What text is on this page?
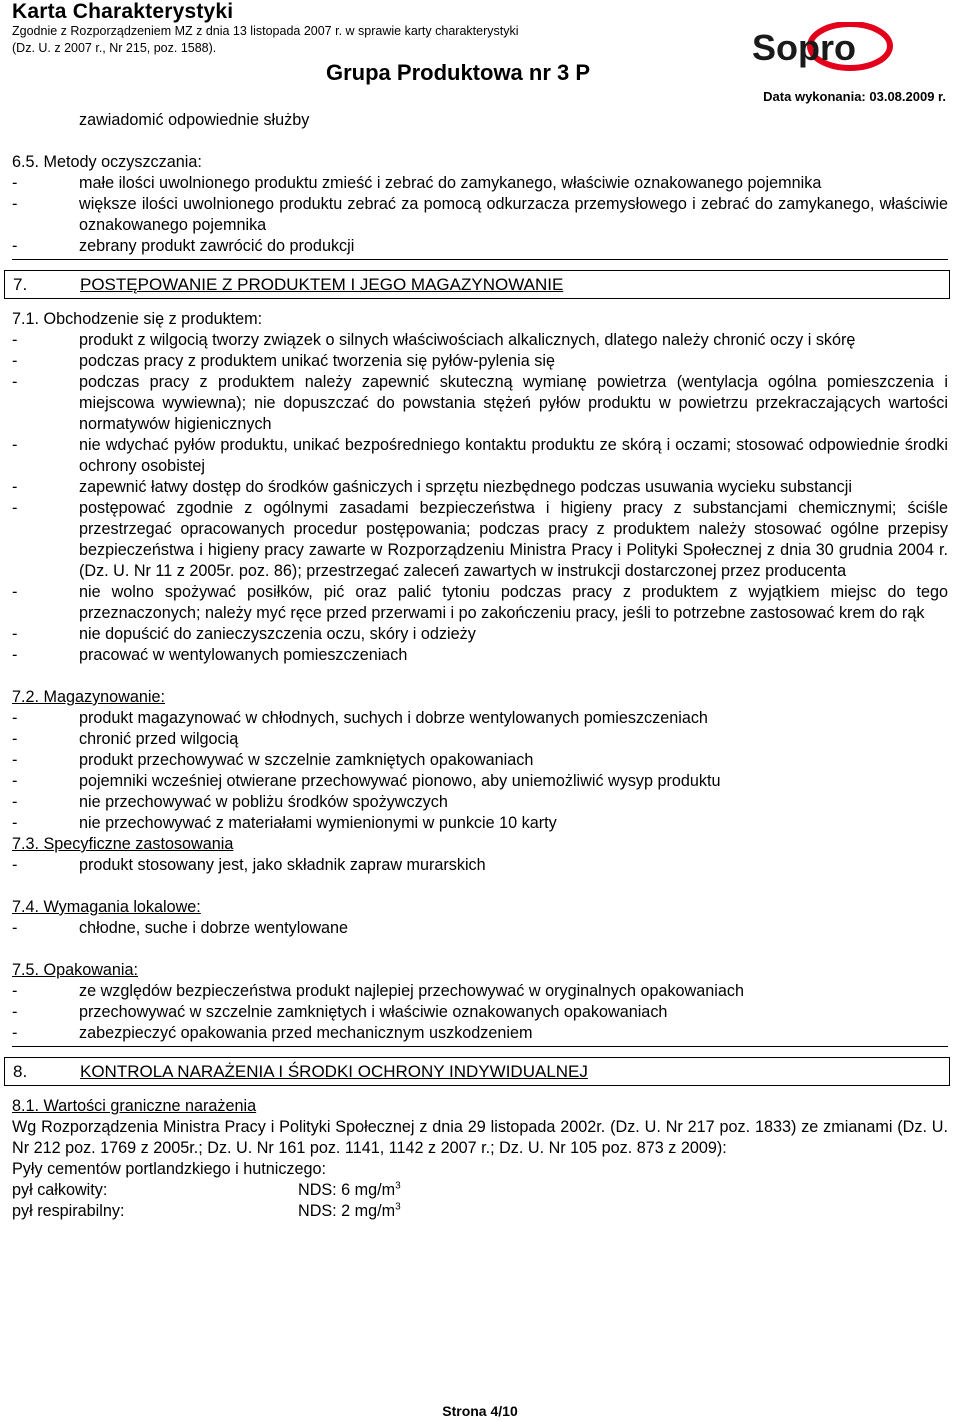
Karta Charakterystyki
Zgodnie z Rozporządzeniem MZ z dnia 13 listopada 2007 r. w sprawie karty charakterystyki
(Dz. U. z 2007 r., Nr 215, poz. 1588).
Grupa Produktowa nr 3 P
Data wykonania: 03.08.2009 r.
Sopro

zawiadomić odpowiednie służby

6.5. Metody oczyszczania:

-	małe ilości uwolnionego produktu zmieść i zebrać do zamykanego, właściwie oznakowanego pojemnika
-	większe ilości uwolnionego produktu zebrać za pomocą odkurzacza przemysłowego i zebrać do zamykanego, właściwie oznakowanego pojemnika
-	zebrany produkt zawrócić do produkcji
7.	POSTĘPOWANIE Z PRODUKTEM I JEGO MAGAZYNOWANIE

7.1. Obchodzenie się z produktem:

-	produkt z wilgocią tworzy związek o silnych właściwościach alkalicznych, dlatego należy chronić oczy i skórę
-	podczas pracy z produktem unikać tworzenia się pyłów-pylenia się
-	podczas pracy z produktem należy zapewnić skuteczną wymianę powietrza (wentylacja ogólna pomieszczenia i miejscowa wywiewna); nie dopuszczać do powstania stężeń pyłów produktu w powietrzu przekraczających wartości normatywów higienicznych
-	nie wdychać pyłów produktu, unikać bezpośredniego kontaktu produktu ze skórą i oczami; stosować odpowiednie środki ochrony osobistej
-	zapewnić łatwy dostęp do środków gaśniczych i sprzętu niezbędnego podczas usuwania wycieku substancji
-	postępować zgodnie z ogólnymi zasadami bezpieczeństwa i higieny pracy z substancjami chemicznymi; ściśle przestrzegać opracowanych procedur postępowania; podczas pracy z produktem należy stosować ogólne przepisy bezpieczeństwa i higieny pracy zawarte w Rozporządzeniu Ministra Pracy i Polityki Społecznej z dnia 30 grudnia 2004 r. (Dz. U. Nr 11 z 2005r. poz. 86); przestrzegać zaleceń zawartych w instrukcji dostarczonej przez producenta
-	nie wolno spożywać posiłków, pić oraz palić tytoniu podczas pracy z produktem z wyjątkiem miejsc do tego przeznaczonych; należy myć ręce przed przerwami i po zakończeniu pracy, jeśli to potrzebne zastosować krem do rąk
-	nie dopuścić do zanieczyszczenia oczu, skóry i odzieży
-	pracować w wentylowanych pomieszczeniach

7.2. Magazynowanie:

-	produkt magazynować w chłodnych, suchych i dobrze wentylowanych pomieszczeniach
-	chronić przed wilgocią
-	produkt przechowywać w szczelnie zamkniętych opakowaniach
-	pojemniki wcześniej otwierane przechowywać pionowo, aby uniemożliwić wysyp produktu
-	nie przechowywać w pobliżu środków spożywczych
-	nie przechowywać z materiałami wymienionymi w punkcie 10 karty

7.3. Specyficzne zastosowania

-	produkt stosowany jest, jako składnik zapraw murarskich

7.4. Wymagania lokalowe:

-	chłodne, suche i dobrze wentylowane

7.5. Opakowania:

-	ze względów bezpieczeństwa produkt najlepiej przechowywać w oryginalnych opakowaniach
-	przechowywać w szczelnie zamkniętych i właściwie oznakowanych opakowaniach
-	zabezpieczyć opakowania przed mechanicznym uszkodzeniem
8.	KONTROLA NARAŻENIA I ŚRODKI OCHRONY INDYWIDUALNEJ

8.1. Wartości graniczne narażenia

Wg Rozporządzenia Ministra Pracy i Polityki Społecznej z dnia 29 listopada 2002r. (Dz. U. Nr 217 poz. 1833) ze zmianami (Dz. U. Nr 212 poz. 1769 z 2005r.; Dz. U. Nr 161 poz. 1141, 1142 z 2007 r.; Dz. U. Nr 105 poz. 873 z 2009):

Pyły cementów portlandzkiego i hutniczego:

pył całkowity:	NDS: 6 $mg/m^3$
pył respirabilny:	NDS: 2 $mg/m^3$
Strona 4/10
